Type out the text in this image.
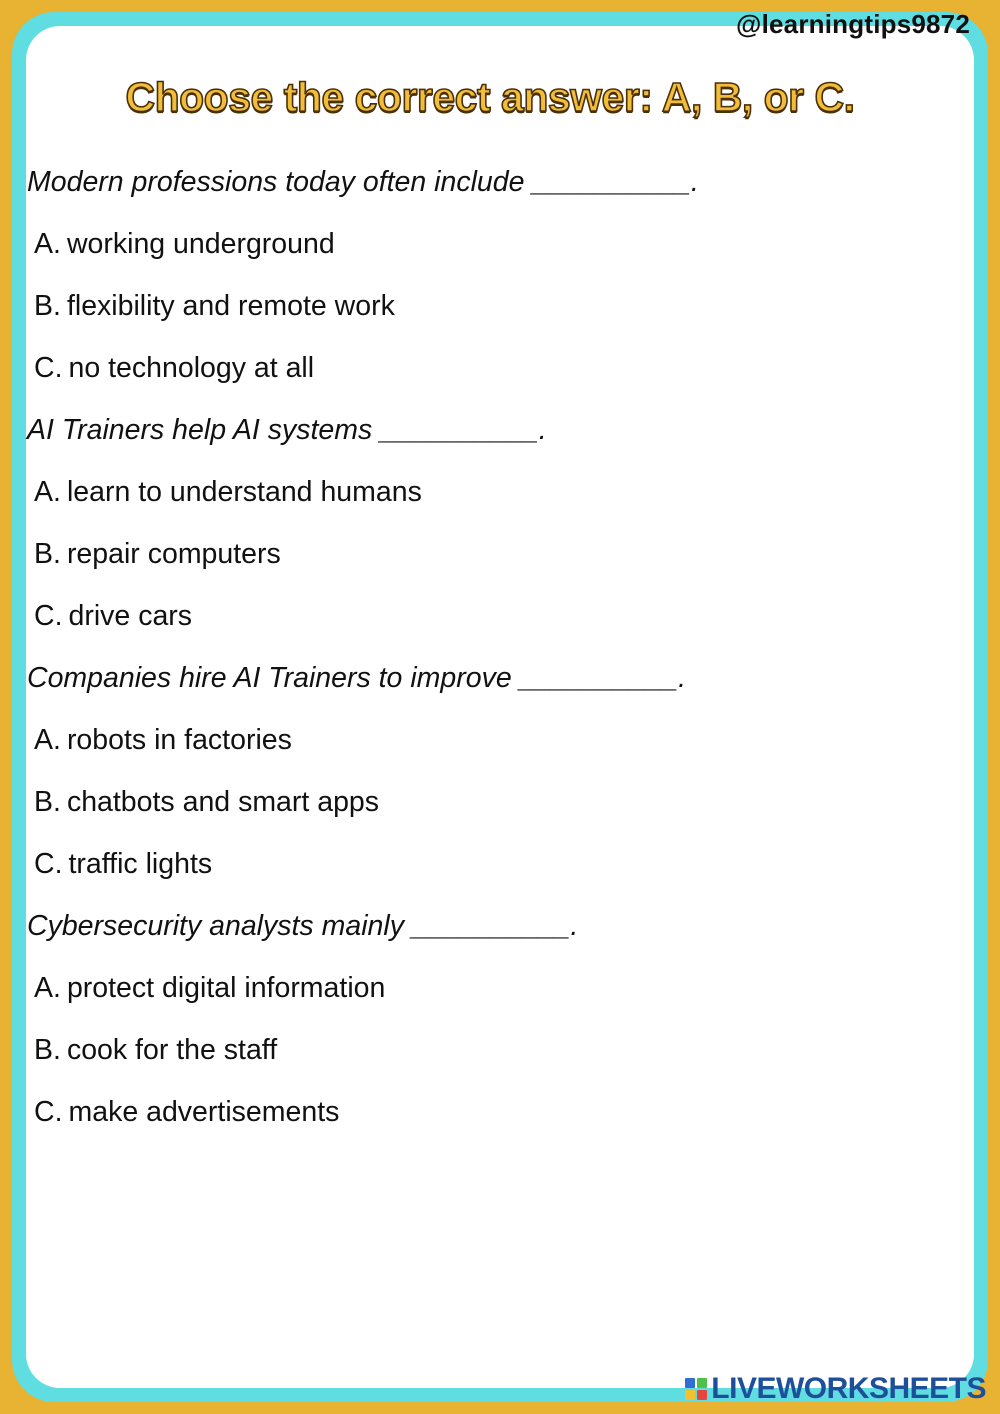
@learningtips9872
Choose the correct answer: A, B, or C.
Modern professions today often include __________.
A. working underground
B. flexibility and remote work
C. no technology at all
AI Trainers help AI systems __________.
A. learn to understand humans
B. repair computers
C. drive cars
Companies hire AI Trainers to improve __________.
A. robots in factories
B. chatbots and smart apps
C. traffic lights
Cybersecurity analysts mainly __________.
A. protect digital information
B. cook for the staff
C. make advertisements
LIVEWORKSHEETS
